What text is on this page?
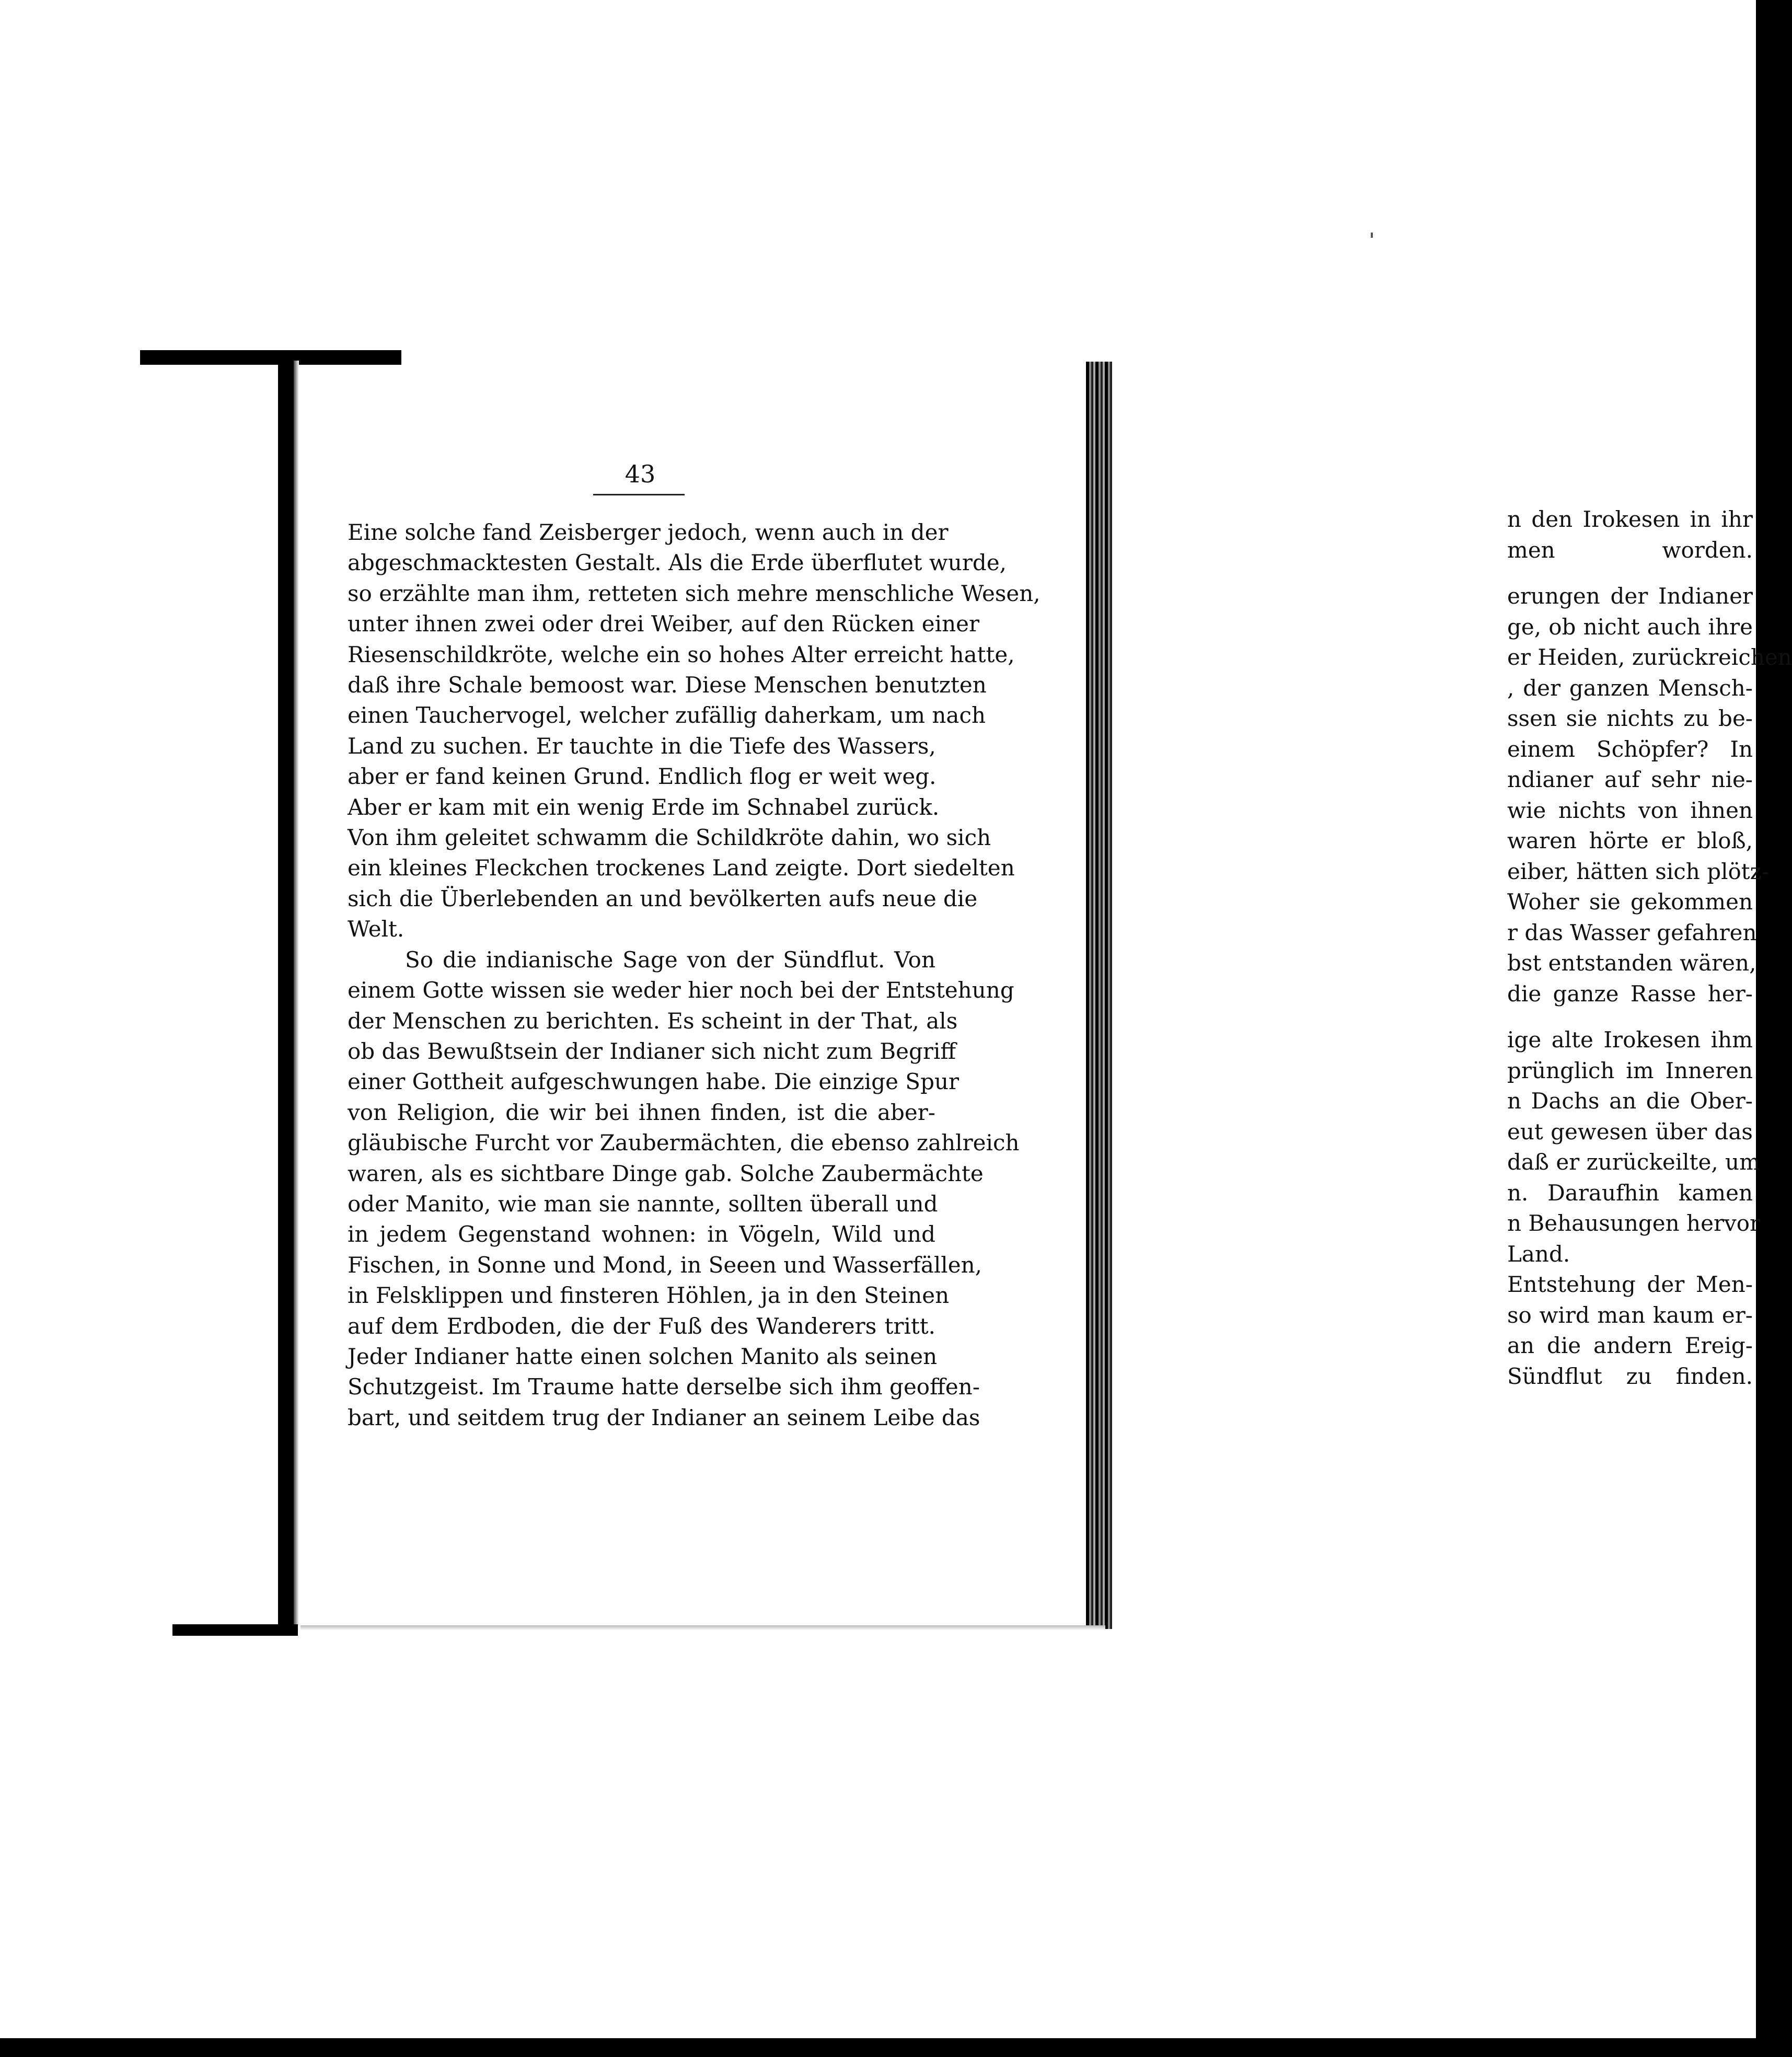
n den Irokesen in ihr
men worden.
erungen der Indianer
ge, ob nicht auch ihre
er Heiden, zurückreichen
, der ganzen Mensch-
ssen sie nichts zu be-
einem Schöpfer? In
ndianer auf sehr nie-
wie nichts von ihnen
waren hörte er bloß,
eiber, hätten sich plötz-
Woher sie gekommen
r das Wasser gefahren
bst entstanden wären,
die ganze Rasse her-
ige alte Irokesen ihm
prünglich im Inneren
n Dachs an die Ober-
eut gewesen über das
daß er zurückeilte, um
n. Daraufhin kamen
n Behausungen hervor
Land.
Entstehung der Men-
so wird man kaum er-
an die andern Ereig-
Sündflut zu finden.
43
Eine solche fand Zeisberger jedoch, wenn auch in der
abgeschmacktesten Gestalt. Als die Erde überflutet wurde,
so erzählte man ihm, retteten sich mehre menschliche Wesen,
unter ihnen zwei oder drei Weiber, auf den Rücken einer
Riesenschildkröte, welche ein so hohes Alter erreicht hatte,
daß ihre Schale bemoost war. Diese Menschen benutzten
einen Tauchervogel, welcher zufällig daherkam, um nach
Land zu suchen. Er tauchte in die Tiefe des Wassers,
aber er fand keinen Grund. Endlich flog er weit weg.
Aber er kam mit ein wenig Erde im Schnabel zurück.
Von ihm geleitet schwamm die Schildkröte dahin, wo sich
ein kleines Fleckchen trockenes Land zeigte. Dort siedelten
sich die Überlebenden an und bevölkerten aufs neue die
Welt.
So die indianische Sage von der Sündflut. Von
einem Gotte wissen sie weder hier noch bei der Entstehung
der Menschen zu berichten. Es scheint in der That, als
ob das Bewußtsein der Indianer sich nicht zum Begriff
einer Gottheit aufgeschwungen habe. Die einzige Spur
von Religion, die wir bei ihnen finden, ist die aber-
gläubische Furcht vor Zaubermächten, die ebenso zahlreich
waren, als es sichtbare Dinge gab. Solche Zaubermächte
oder Manito, wie man sie nannte, sollten überall und
in jedem Gegenstand wohnen: in Vögeln, Wild und
Fischen, in Sonne und Mond, in Seeen und Wasserfällen,
in Felsklippen und finsteren Höhlen, ja in den Steinen
auf dem Erdboden, die der Fuß des Wanderers tritt.
Jeder Indianer hatte einen solchen Manito als seinen
Schutzgeist. Im Traume hatte derselbe sich ihm geoffen-
bart, und seitdem trug der Indianer an seinem Leibe das
